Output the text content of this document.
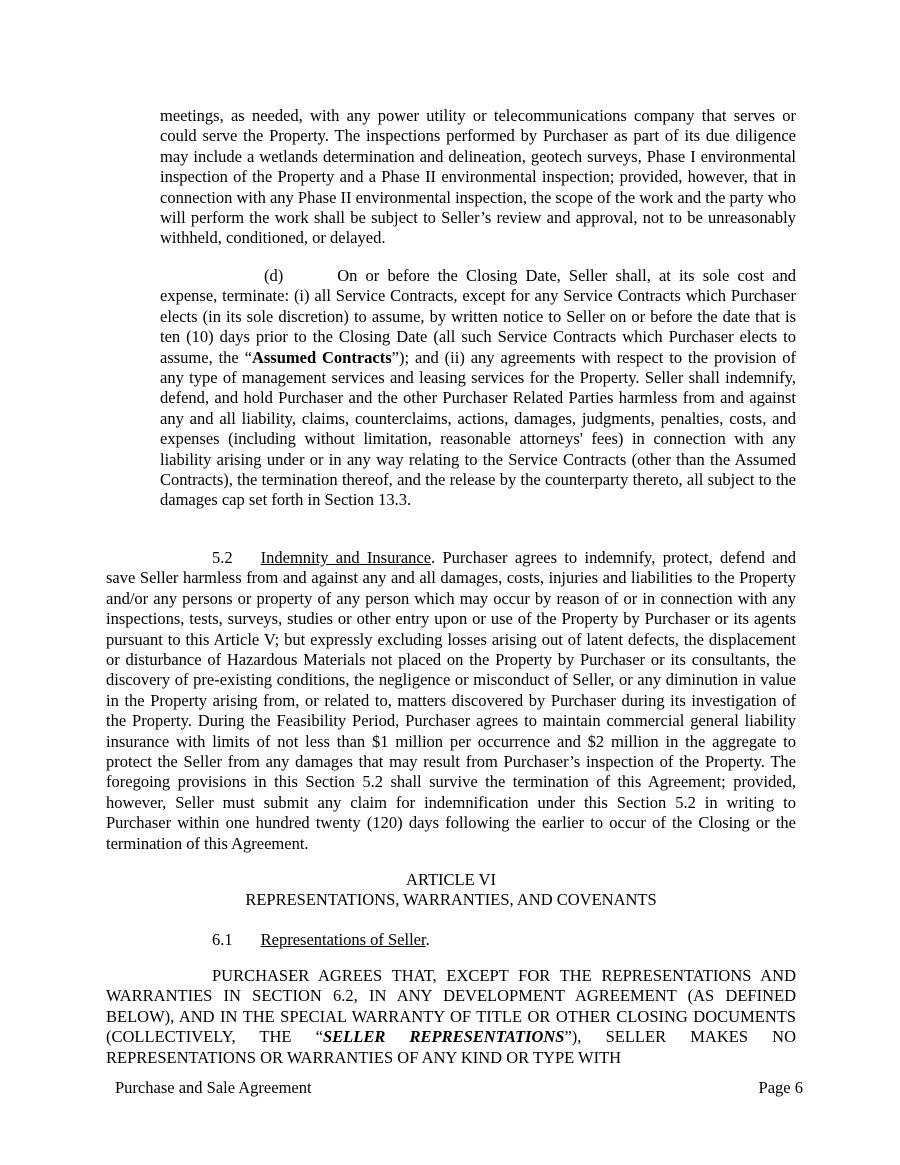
meetings, as needed, with any power utility or telecommunications company that serves or could serve the Property. The inspections performed by Purchaser as part of its due diligence may include a wetlands determination and delineation, geotech surveys, Phase I environmental inspection of the Property and a Phase II environmental inspection; provided, however, that in connection with any Phase II environmental inspection, the scope of the work and the party who will perform the work shall be subject to Seller’s review and approval, not to be unreasonably withheld, conditioned, or delayed.

(d)	On or before the Closing Date, Seller shall, at its sole cost and expense, terminate: (i) all Service Contracts, except for any Service Contracts which Purchaser elects (in its sole discretion) to assume, by written notice to Seller on or before the date that is ten (10) days prior to the Closing Date (all such Service Contracts which Purchaser elects to assume, the “Assumed Contracts”); and (ii) any agreements with respect to the provision of any type of management services and leasing services for the Property. Seller shall indemnify, defend, and hold Purchaser and the other Purchaser Related Parties harmless from and against any and all liability, claims, counterclaims, actions, damages, judgments, penalties, costs, and expenses (including without limitation, reasonable attorneys' fees) in connection with any liability arising under or in any way relating to the Service Contracts (other than the Assumed Contracts), the termination thereof, and the release by the counterparty thereto, all subject to the damages cap set forth in Section 13.3.

5.2 Indemnity and Insurance. Purchaser agrees to indemnify, protect, defend and save Seller harmless from and against any and all damages, costs, injuries and liabilities to the Property and/or any persons or property of any person which may occur by reason of or in connection with any inspections, tests, surveys, studies or other entry upon or use of the Property by Purchaser or its agents pursuant to this Article V; but expressly excluding losses arising out of latent defects, the displacement or disturbance of Hazardous Materials not placed on the Property by Purchaser or its consultants, the discovery of pre-existing conditions, the negligence or misconduct of Seller, or any diminution in value in the Property arising from, or related to, matters discovered by Purchaser during its investigation of the Property. During the Feasibility Period, Purchaser agrees to maintain commercial general liability insurance with limits of not less than $1 million per occurrence and $2 million in the aggregate to protect the Seller from any damages that may result from Purchaser’s inspection of the Property. The foregoing provisions in this Section 5.2 shall survive the termination of this Agreement; provided, however, Seller must submit any claim for indemnification under this Section 5.2 in writing to Purchaser within one hundred twenty (120) days following the earlier to occur of the Closing or the termination of this Agreement.

ARTICLE VI

REPRESENTATIONS, WARRANTIES, AND COVENANTS

6.1 Representations of Seller.

PURCHASER AGREES THAT, EXCEPT FOR THE REPRESENTATIONS AND WARRANTIES IN SECTION 6.2, IN ANY DEVELOPMENT AGREEMENT (AS DEFINED BELOW), AND IN THE SPECIAL WARRANTY OF TITLE OR OTHER CLOSING DOCUMENTS (COLLECTIVELY, THE “SELLER REPRESENTATIONS”), SELLER MAKES NO REPRESENTATIONS OR WARRANTIES OF ANY KIND OR TYPE WITH

Purchase and Sale Agreement	Page 6
